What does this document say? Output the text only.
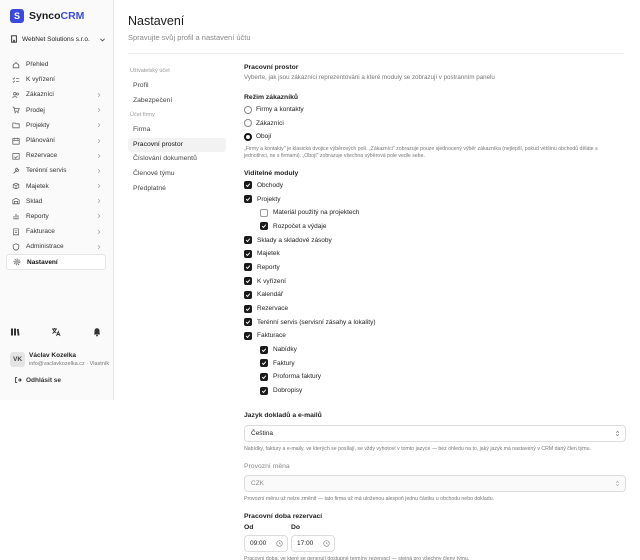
S SyncoCRM
WebNet Solutions s.r.o.
Přehled
K vyřízení
Zákazníci
Prodej
Projekty
Plánování
Rezervace
Terénní servis
Majetek
Sklad
Reporty
Fakturace
Administrace
Nastavení
VK
Václav Kozelka
info@vaclavkozelka.cz · Vlastník
Odhlásit se
Nastavení
Spravujte svůj profil a nastavení účtu
Uživatelský účet
Profil
Zabezpečení
Účet firmy
Firma
Pracovní prostor
Číslování dokumentů
Členové týmu
Předplatné
Pracovní prostor
Vyberte, jak jsou zákazníci reprezentováni a které moduly se zobrazují v postranním panelu
Režim zákazníků
Firmy a kontakty
Zákazníci
Obojí
„Firmy a kontakty" je klasická dvojice výběrových polí. „Zákazníci" zobrazuje pouze sjednocený výběr zákazníka (nejlepší, pokud většinu obchodů děláte s
jednotlivci, ne s firmami). „Obojí" zobrazuje všechna výběrová pole vedle sebe.
Viditelné moduly
Obchody
Projekty
Materiál použitý na projektech
Rozpočet a výdaje
Sklady a skladové zásoby
Majetek
Reporty
K vyřízení
Kalendář
Rezervace
Terénní servis (servisní zásahy a lokality)
Fakturace
Nabídky
Faktury
Proforma faktury
Dobropisy
Jazyk dokladů a e-mailů
Čeština
Nabídky, faktury a e-maily, ve kterých se posílají, se vždy vyhotoví v tomto jazyce — bez ohledu na to, jaký jazyk má nastavený v CRM daný člen týmu.
Provozní měna
CZK
Provozní měnu už nelze změnit — tato firma už má uloženou alespoň jednu částku u obchodu nebo dokladu.
Pracovní doba rezervací
Od	Do
09:00	17:00
Pracovní doba, ve které se generují dostupné termíny rezervací — stejná pro všechny členy týmu.
